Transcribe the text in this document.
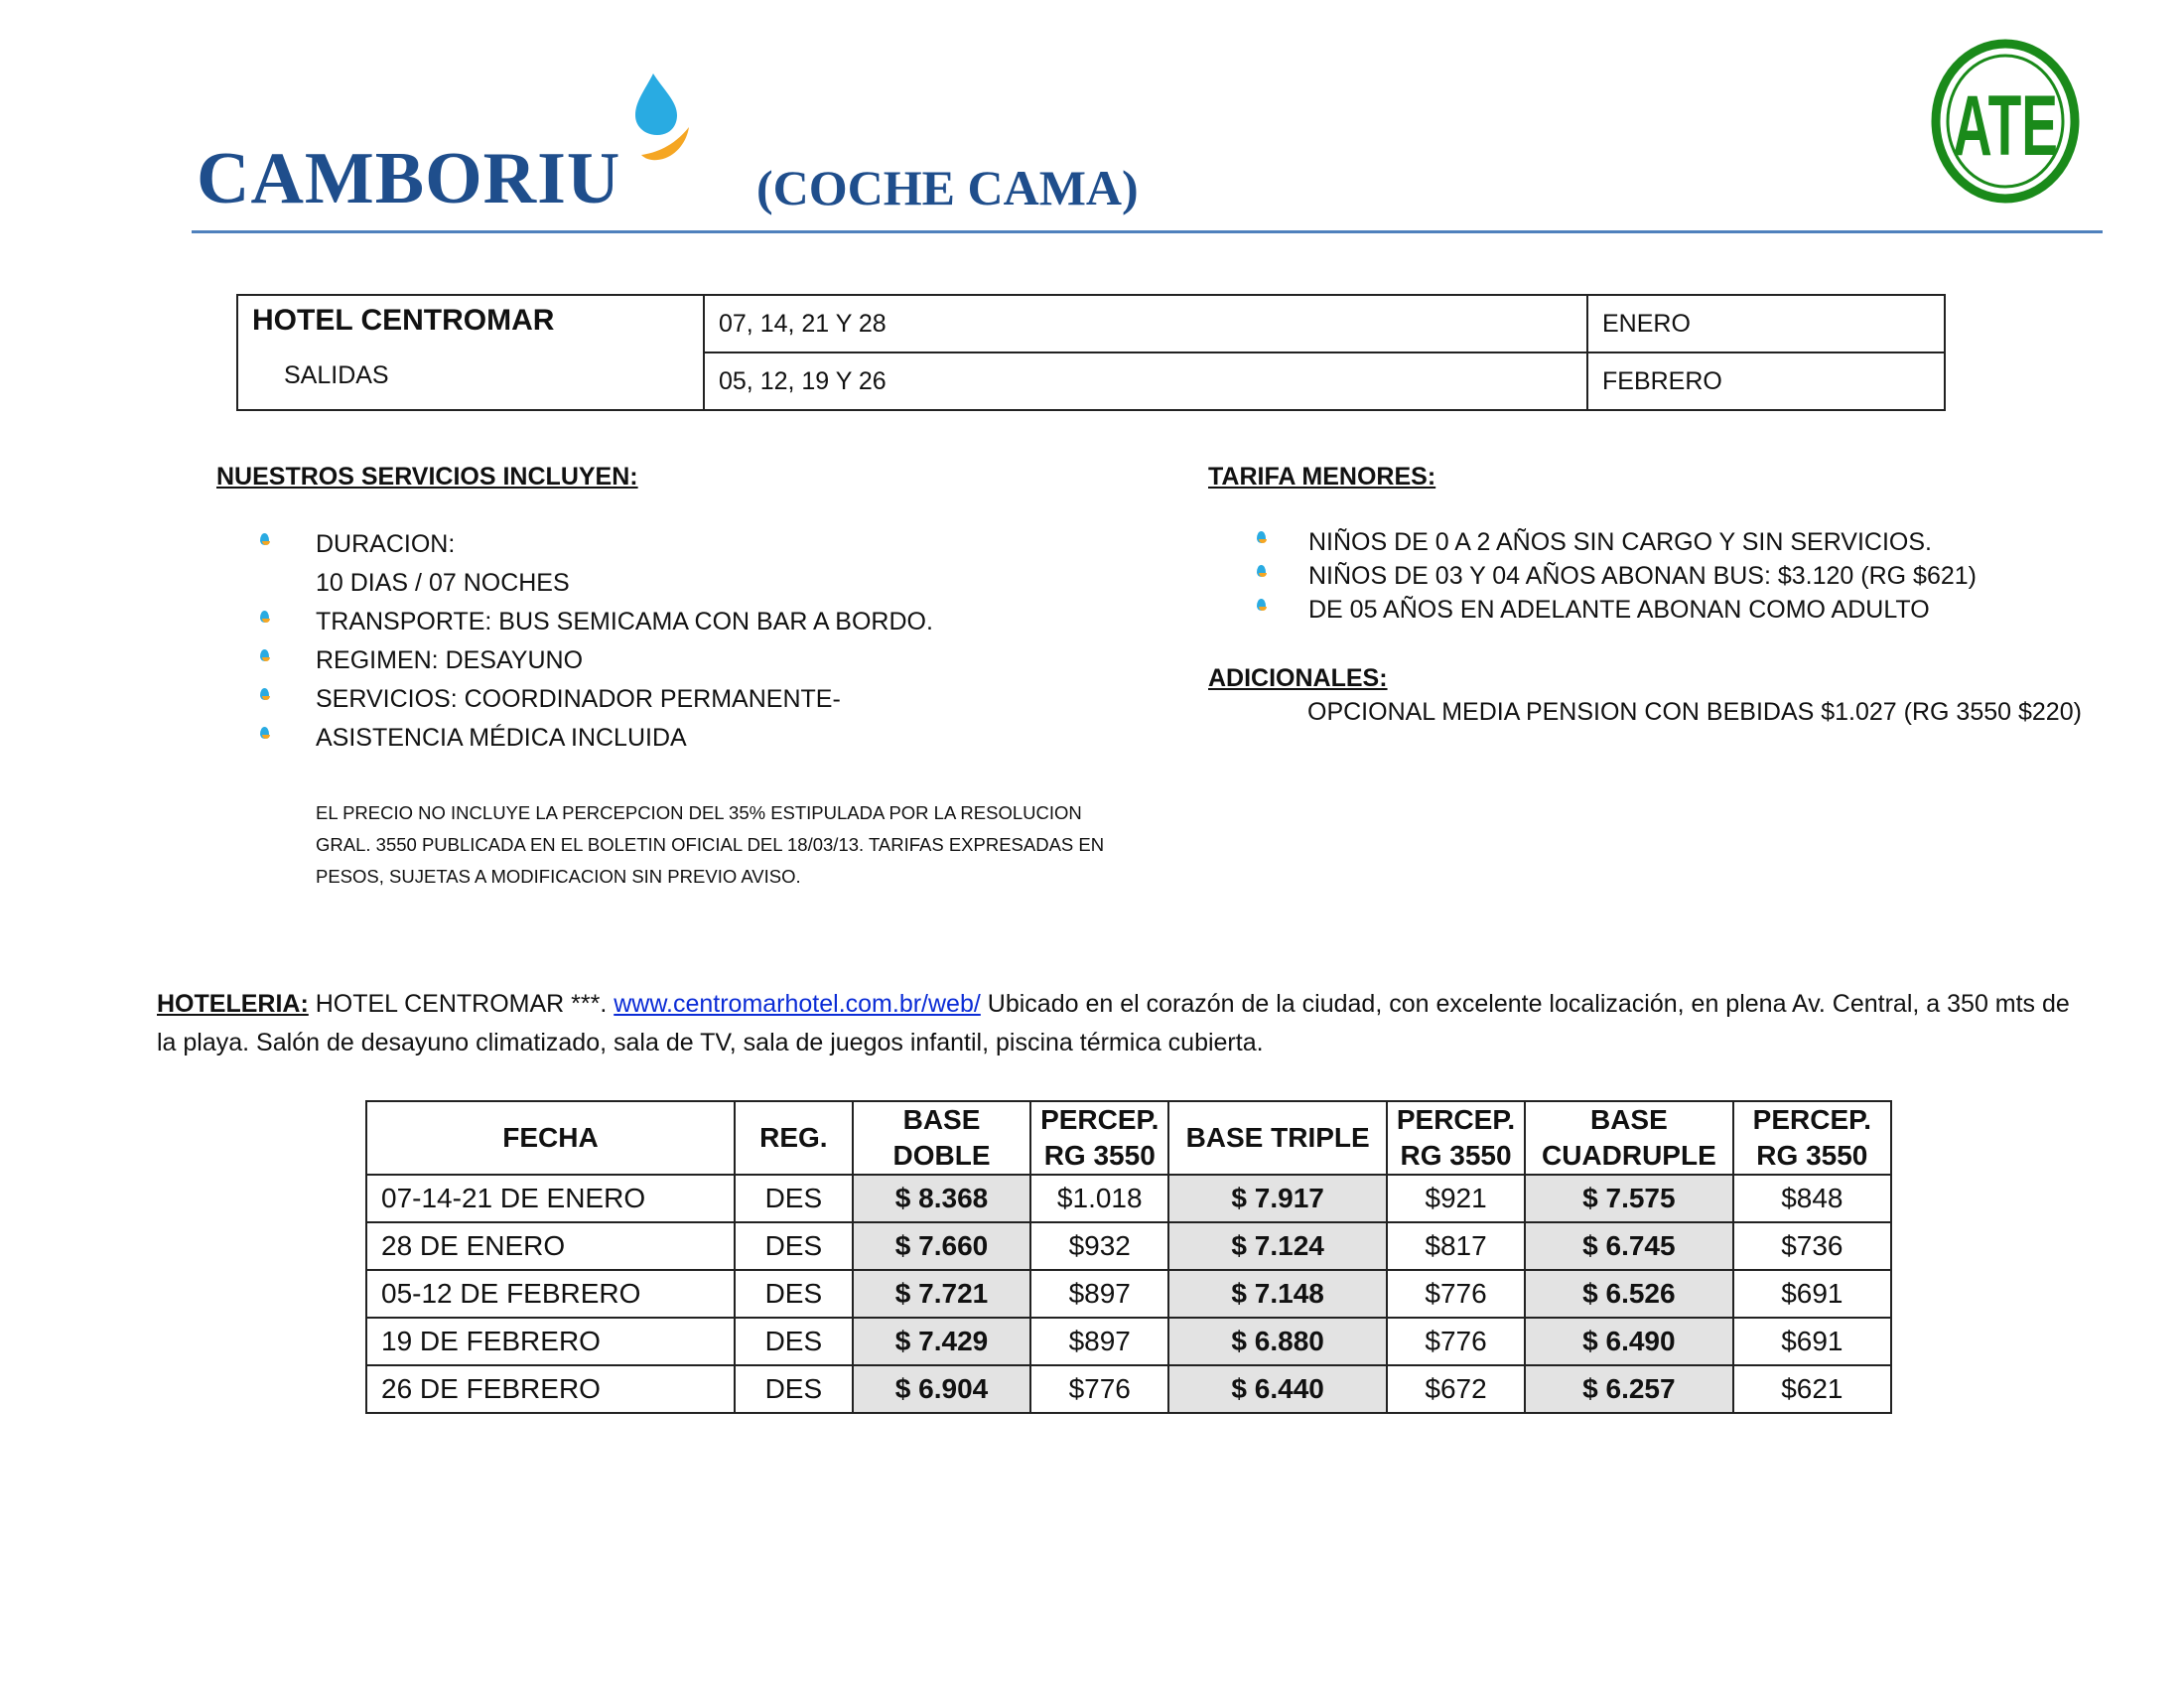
CAMBORIU	(COCHE CAMA)
ATE
HOTEL CENTROMAR
SALIDAS	07, 14, 21 Y 28	ENERO
	05, 12, 19 Y 26	FEBRERO
NUESTROS SERVICIOS INCLUYEN:
DURACION:
10 DIAS / 07 NOCHES
TRANSPORTE: BUS SEMICAMA CON BAR A BORDO.
REGIMEN: DESAYUNO
SERVICIOS: COORDINADOR PERMANENTE-
ASISTENCIA MÉDICA INCLUIDA
EL PRECIO NO INCLUYE LA PERCEPCION DEL 35% ESTIPULADA POR LA RESOLUCION GRAL. 3550 PUBLICADA EN EL BOLETIN OFICIAL DEL 18/03/13. TARIFAS EXPRESADAS EN PESOS, SUJETAS A MODIFICACION SIN PREVIO AVISO.
TARIFA MENORES:
NIÑOS DE 0 A 2 AÑOS SIN CARGO Y SIN SERVICIOS.
NIÑOS DE 03 Y 04 AÑOS ABONAN BUS: $3.120 (RG $621)
DE 05 AÑOS EN ADELANTE ABONAN COMO ADULTO
ADICIONALES:
OPCIONAL MEDIA PENSION CON BEBIDAS $1.027 (RG 3550 $220)
HOTELERIA: HOTEL CENTROMAR ***. www.centromarhotel.com.br/web/ Ubicado en el corazón de la ciudad, con excelente localización, en plena Av. Central, a 350 mts de la playa. Salón de desayuno climatizado, sala de TV, sala de juegos infantil, piscina térmica cubierta.
FECHA	REG.	BASE DOBLE	PERCEP. RG 3550	BASE TRIPLE	PERCEP. RG 3550	BASE CUADRUPLE	PERCEP. RG 3550
07-14-21 DE ENERO	DES	$ 8.368	$1.018	$ 7.917	$921	$ 7.575	$848
28 DE ENERO	DES	$ 7.660	$932	$ 7.124	$817	$ 6.745	$736
05-12 DE FEBRERO	DES	$ 7.721	$897	$ 7.148	$776	$ 6.526	$691
19 DE FEBRERO	DES	$ 7.429	$897	$ 6.880	$776	$ 6.490	$691
26 DE FEBRERO	DES	$ 6.904	$776	$ 6.440	$672	$ 6.257	$621
